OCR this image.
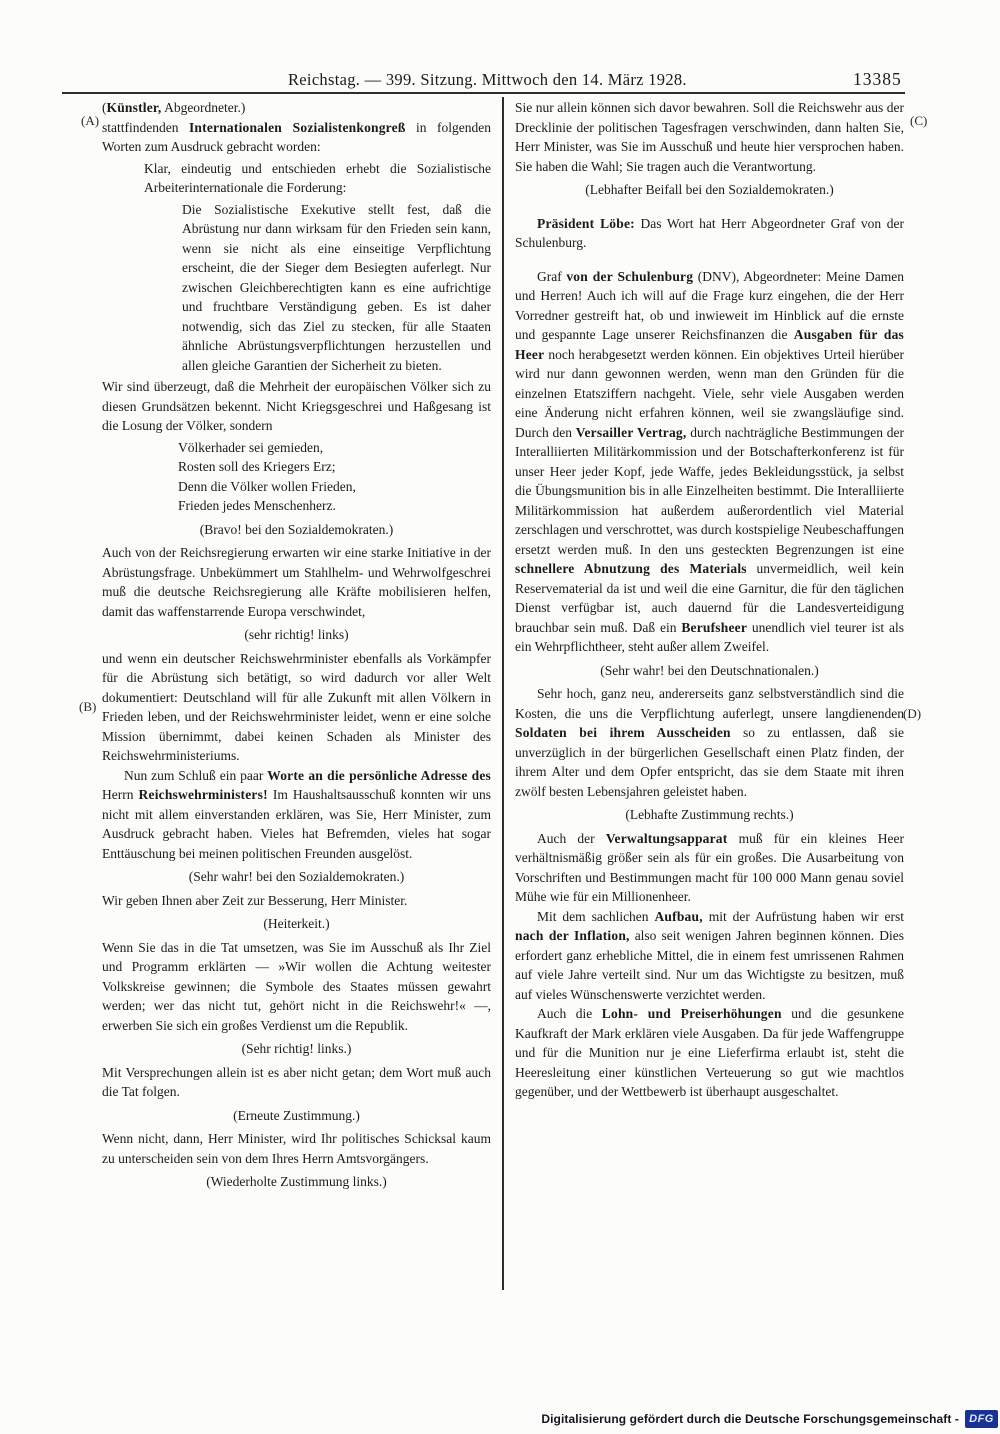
Reichstag. — 399. Sitzung. Mittwoch den 14. März 1928.	13385
(A)
(B)
(C)
(D)

(Künstler, Abgeordneter.)

stattfindenden Internationalen Sozialistenkongreß in folgenden Worten zum Ausdruck gebracht worden:

Klar, eindeutig und entschieden erhebt die Sozialistische Arbeiterinternationale die Forderung:

Die Sozialistische Exekutive stellt fest, daß die Abrüstung nur dann wirksam für den Frieden sein kann, wenn sie nicht als eine einseitige Verpflichtung erscheint, die der Sieger dem Besiegten auferlegt. Nur zwischen Gleichberechtigten kann es eine aufrichtige und fruchtbare Verständigung geben. Es ist daher notwendig, sich das Ziel zu stecken, für alle Staaten ähnliche Abrüstungsverpflichtungen herzustellen und allen gleiche Garantien der Sicherheit zu bieten.

Wir sind überzeugt, daß die Mehrheit der europäischen Völker sich zu diesen Grundsätzen bekennt. Nicht Kriegsgeschrei und Haßgesang ist die Losung der Völker, sondern

Völkerhader sei gemieden,
Rosten soll des Kriegers Erz;
Denn die Völker wollen Frieden,
Frieden jedes Menschenherz.

(Bravo! bei den Sozialdemokraten.)

Auch von der Reichsregierung erwarten wir eine starke Initiative in der Abrüstungsfrage. Unbekümmert um Stahlhelm- und Wehrwolfgeschrei muß die deutsche Reichsregierung alle Kräfte mobilisieren helfen, damit das waffenstarrende Europa verschwindet,

(sehr richtig! links)

und wenn ein deutscher Reichswehrminister ebenfalls als Vorkämpfer für die Abrüstung sich betätigt, so wird dadurch vor aller Welt dokumentiert: Deutschland will für alle Zukunft mit allen Völkern in Frieden leben, und der Reichswehrminister leidet, wenn er eine solche Mission übernimmt, dabei keinen Schaden als Minister des Reichswehrministeriums.

Nun zum Schluß ein paar Worte an die persönliche Adresse des Herrn Reichswehrministers! Im Haushaltsausschuß konnten wir uns nicht mit allem einverstanden erklären, was Sie, Herr Minister, zum Ausdruck gebracht haben. Vieles hat Befremden, vieles hat sogar Enttäuschung bei meinen politischen Freunden ausgelöst.

(Sehr wahr! bei den Sozialdemokraten.)

Wir geben Ihnen aber Zeit zur Besserung, Herr Minister.

(Heiterkeit.)

Wenn Sie das in die Tat umsetzen, was Sie im Ausschuß als Ihr Ziel und Programm erklärten — »Wir wollen die Achtung weitester Volkskreise gewinnen; die Symbole des Staates müssen gewahrt werden; wer das nicht tut, gehört nicht in die Reichswehr!« —, erwerben Sie sich ein großes Verdienst um die Republik.

(Sehr richtig! links.)

Mit Versprechungen allein ist es aber nicht getan; dem Wort muß auch die Tat folgen.

(Erneute Zustimmung.)

Wenn nicht, dann, Herr Minister, wird Ihr politisches Schicksal kaum zu unterscheiden sein von dem Ihres Herrn Amtsvorgängers.

(Wiederholte Zustimmung links.)

Sie nur allein können sich davor bewahren. Soll die Reichswehr aus der Drecklinie der politischen Tagesfragen verschwinden, dann halten Sie, Herr Minister, was Sie im Ausschuß und heute hier versprochen haben. Sie haben die Wahl; Sie tragen auch die Verantwortung.

(Lebhafter Beifall bei den Sozialdemokraten.)

Präsident Löbe: Das Wort hat Herr Abgeordneter Graf von der Schulenburg.

Graf von der Schulenburg (DNV), Abgeordneter: Meine Damen und Herren! Auch ich will auf die Frage kurz eingehen, die der Herr Vorredner gestreift hat, ob und inwieweit im Hinblick auf die ernste und gespannte Lage unserer Reichsfinanzen die Ausgaben für das Heer noch herabgesetzt werden können. Ein objektives Urteil hierüber wird nur dann gewonnen werden, wenn man den Gründen für die einzelnen Etatsziffern nachgeht. Viele, sehr viele Ausgaben werden eine Änderung nicht erfahren können, weil sie zwangsläufige sind. Durch den Versailler Vertrag, durch nachträgliche Bestimmungen der Interalliierten Militärkommission und der Botschafterkonferenz ist für unser Heer jeder Kopf, jede Waffe, jedes Bekleidungsstück, ja selbst die Übungsmunition bis in alle Einzelheiten bestimmt. Die Interalliierte Militärkommission hat außerdem außerordentlich viel Material zerschlagen und verschrottet, was durch kostspielige Neubeschaffungen ersetzt werden muß. In den uns gesteckten Begrenzungen ist eine schnellere Abnutzung des Materials unvermeidlich, weil kein Reservematerial da ist und weil die eine Garnitur, die für den täglichen Dienst verfügbar ist, auch dauernd für die Landesverteidigung brauchbar sein muß. Daß ein Berufsheer unendlich viel teurer ist als ein Wehrpflichtheer, steht außer allem Zweifel.

(Sehr wahr! bei den Deutschnationalen.)

Sehr hoch, ganz neu, andererseits ganz selbstverständlich sind die Kosten, die uns die Verpflichtung auferlegt, unsere langdienenden Soldaten bei ihrem Ausscheiden so zu entlassen, daß sie unverzüglich in der bürgerlichen Gesellschaft einen Platz finden, der ihrem Alter und dem Opfer entspricht, das sie dem Staate mit ihren zwölf besten Lebensjahren geleistet haben.

(Lebhafte Zustimmung rechts.)

Auch der Verwaltungsapparat muß für ein kleines Heer verhältnismäßig größer sein als für ein großes. Die Ausarbeitung von Vorschriften und Bestimmungen macht für 100 000 Mann genau soviel Mühe wie für ein Millionenheer.

Mit dem sachlichen Aufbau, mit der Aufrüstung haben wir erst nach der Inflation, also seit wenigen Jahren beginnen können. Dies erfordert ganz erhebliche Mittel, die in einem fest umrissenen Rahmen auf viele Jahre verteilt sind. Nur um das Wichtigste zu besitzen, muß auf vieles Wünschenswerte verzichtet werden.

Auch die Lohn- und Preiserhöhungen und die gesunkene Kaufkraft der Mark erklären viele Ausgaben. Da für jede Waffengruppe und für die Munition nur je eine Lieferfirma erlaubt ist, steht die Heeresleitung einer künstlichen Verteuerung so gut wie machtlos gegenüber, und der Wettbewerb ist überhaupt ausgeschaltet.

Digitalisierung gefördert durch die Deutsche Forschungsgemeinschaft - DFG
